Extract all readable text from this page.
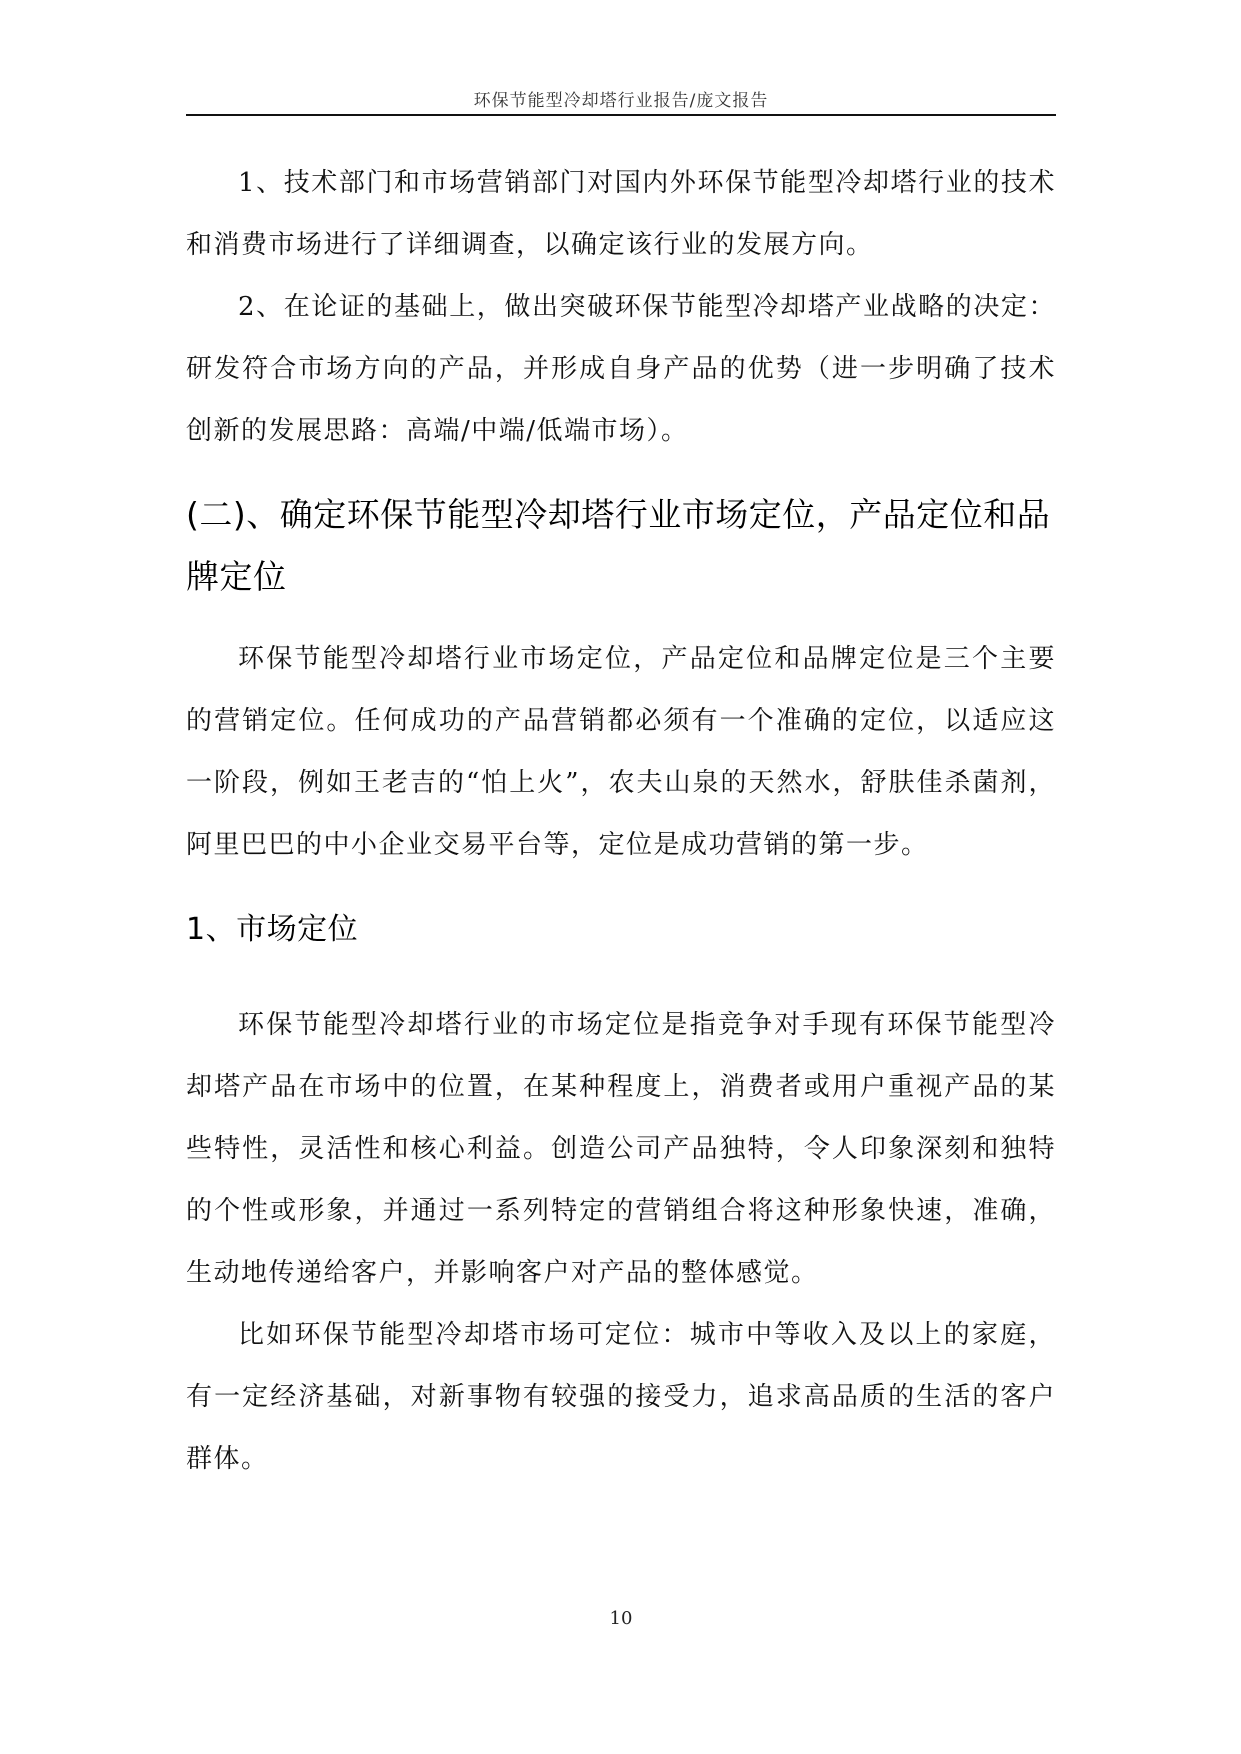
环保节能型冷却塔行业报告/庞文报告

1、技术部门和市场营销部门对国内外环保节能型冷却塔行业的技术和消费市场进行了详细调查，以确定该行业的发展方向。

2、在论证的基础上，做出突破环保节能型冷却塔产业战略的决定：研发符合市场方向的产品，并形成自身产品的优势（进一步明确了技术创新的发展思路：高端/中端/低端市场）。

(二)、确定环保节能型冷却塔行业市场定位，产品定位和品牌定位

环保节能型冷却塔行业市场定位，产品定位和品牌定位是三个主要的营销定位。任何成功的产品营销都必须有一个准确的定位，以适应这一阶段，例如王老吉的“怕上火”，农夫山泉的天然水，舒肤佳杀菌剂，阿里巴巴的中小企业交易平台等，定位是成功营销的第一步。

1、市场定位

环保节能型冷却塔行业的市场定位是指竞争对手现有环保节能型冷却塔产品在市场中的位置，在某种程度上，消费者或用户重视产品的某些特性，灵活性和核心利益。创造公司产品独特，令人印象深刻和独特的个性或形象，并通过一系列特定的营销组合将这种形象快速，准确，生动地传递给客户，并影响客户对产品的整体感觉。

比如环保节能型冷却塔市场可定位：城市中等收入及以上的家庭，有一定经济基础，对新事物有较强的接受力，追求高品质的生活的客户群体。

10
